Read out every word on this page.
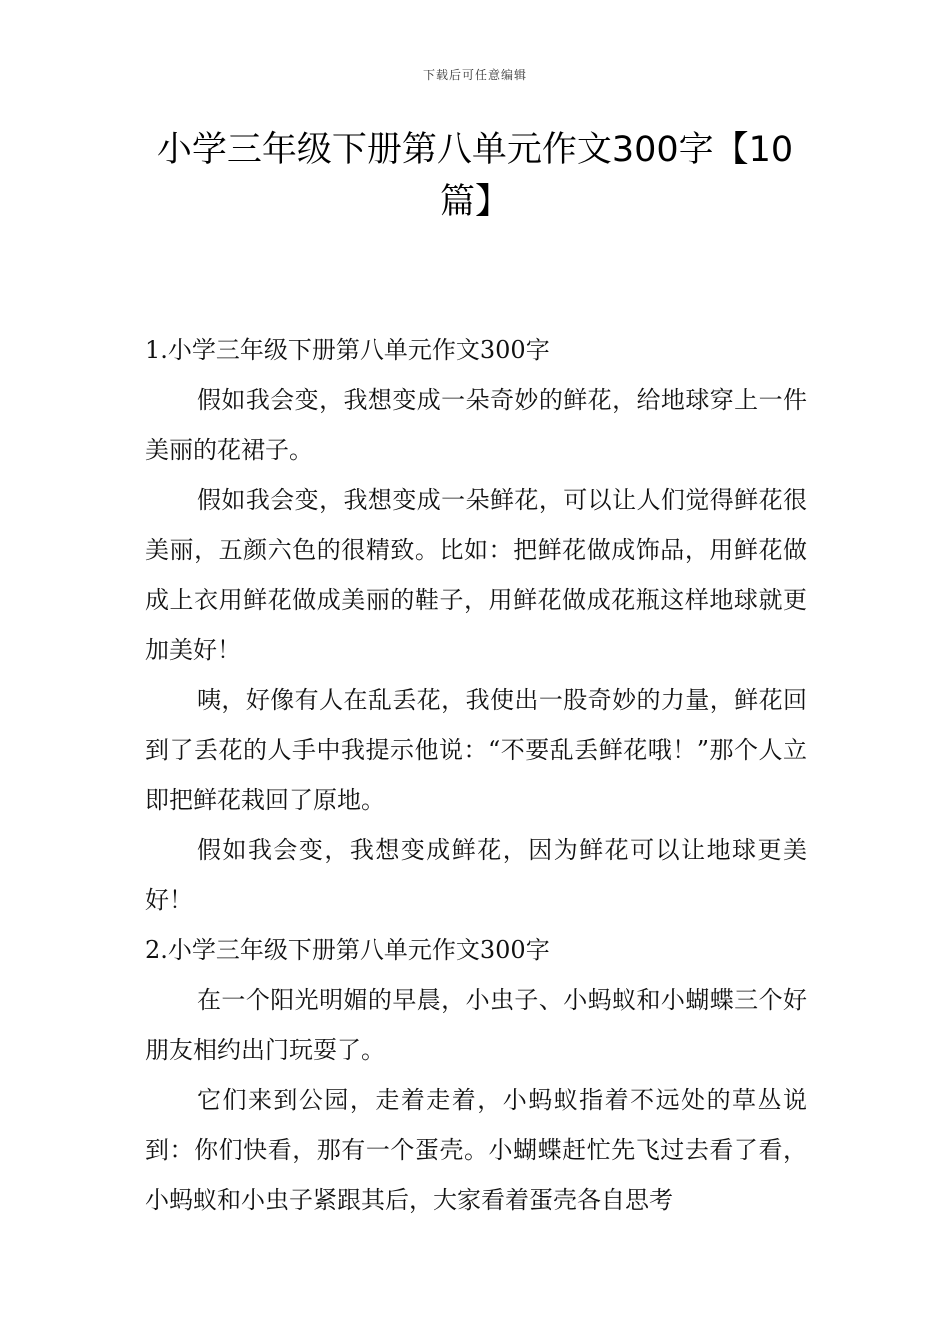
下载后可任意编辑
小学三年级下册第八单元作文300字【10篇】

1.小学三年级下册第八单元作文300字

假如我会变，我想变成一朵奇妙的鲜花，给地球穿上一件美丽的花裙子。

假如我会变，我想变成一朵鲜花，可以让人们觉得鲜花很美丽，五颜六色的很精致。比如：把鲜花做成饰品，用鲜花做成上衣用鲜花做成美丽的鞋子，用鲜花做成花瓶这样地球就更加美好！

咦，好像有人在乱丢花，我使出一股奇妙的力量，鲜花回到了丢花的人手中我提示他说：“不要乱丢鲜花哦！”那个人立即把鲜花栽回了原地。

假如我会变，我想变成鲜花，因为鲜花可以让地球更美好！

2.小学三年级下册第八单元作文300字

在一个阳光明媚的早晨，小虫子、小蚂蚁和小蝴蝶三个好朋友相约出门玩耍了。

它们来到公园，走着走着，小蚂蚁指着不远处的草丛说到：你们快看，那有一个蛋壳。小蝴蝶赶忙先飞过去看了看，小蚂蚁和小虫子紧跟其后，大家看着蛋壳各自思考
